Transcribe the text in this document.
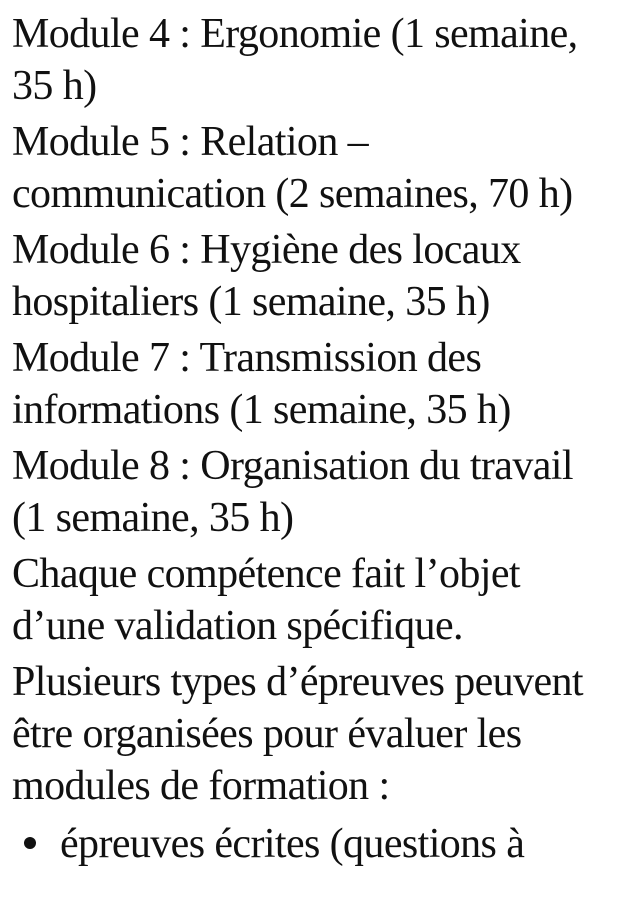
Module 4 : Ergonomie (1 semaine,
35 h)
Module 5 : Relation –
communication (2 semaines, 70 h)
Module 6 : Hygiène des locaux
hospitaliers (1 semaine, 35 h)
Module 7 : Transmission des
informations (1 semaine, 35 h)
Module 8 : Organisation du travail
(1 semaine, 35 h)
Chaque compétence fait l’objet
d’une validation spécifique.
Plusieurs types d’épreuves peuvent
être organisées pour évaluer les
modules de formation :
épreuves écrites (questions à
